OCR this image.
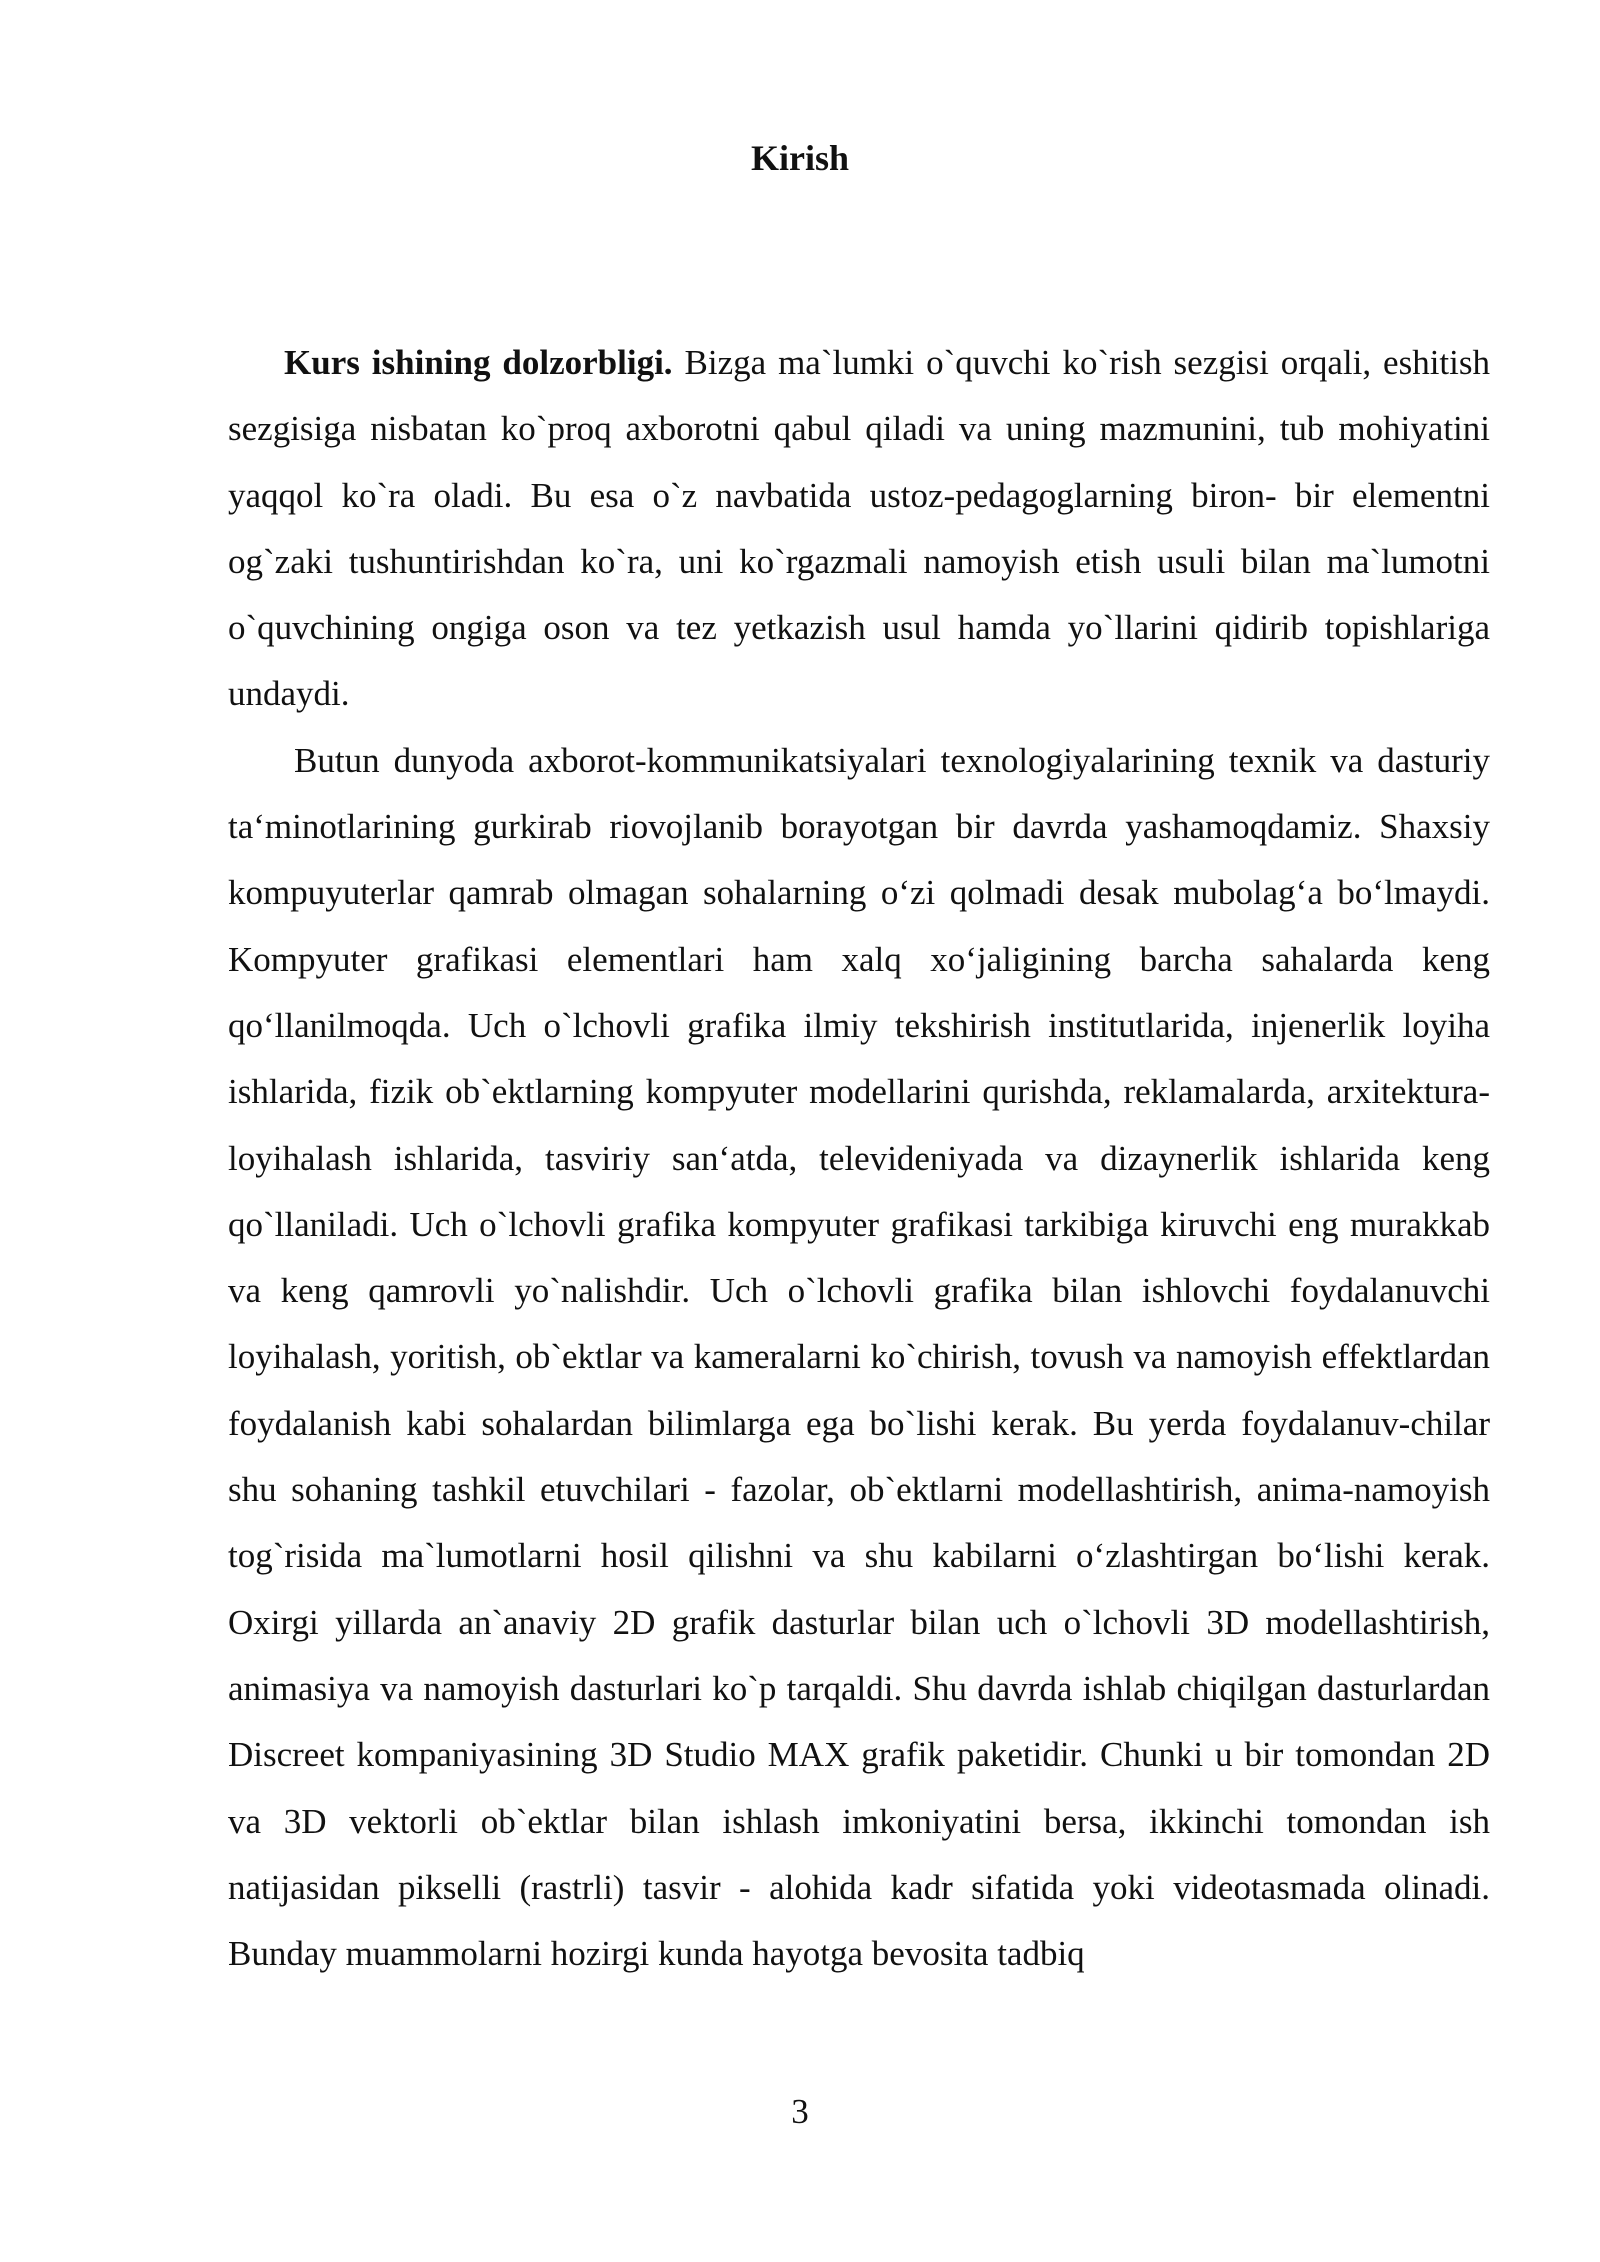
Kirish

Kurs ishining dolzorbligi. Bizga ma`lumki o`quvchi ko`rish sezgisi orqali, eshitish sezgisiga nisbatan ko`proq axborotni qabul qiladi va uning mazmunini, tub mohiyatini yaqqol ko`ra oladi. Bu esa o`z navbatida ustoz-pedagoglarning biron- bir elementni og`zaki tushuntirishdan ko`ra, uni ko`rgazmali namoyish etish usuli bilan ma`lumotni o`quvchining ongiga oson va tez yetkazish usul hamda yo`llarini qidirib topishlariga undaydi.

Butun dunyoda axborot-kommunikatsiyalari texnologiyalarining texnik va dasturiy ta‘minotlarining gurkirab riovojlanib borayotgan bir davrda yashamoqdamiz. Shaxsiy kompuyuterlar qamrab olmagan sohalarning o‘zi qolmadi desak mubolag‘a bo‘lmaydi. Kompyuter grafikasi elementlari ham xalq xo‘jaligining barcha sahalarda keng qo‘llanilmoqda. Uch o`lchovli grafika ilmiy tekshirish institutlarida, injenerlik loyiha ishlarida, fizik ob`ektlarning kompyuter modellarini qurishda, reklamalarda, arxitektura-loyihalash ishlarida, tasviriy san‘atda, televideniyada va dizaynerlik ishlarida keng qo`llaniladi. Uch o`lchovli grafika kompyuter grafikasi tarkibiga kiruvchi eng murakkab va keng qamrovli yo`nalishdir. Uch o`lchovli grafika bilan ishlovchi foydalanuvchi loyihalash, yoritish, ob`ektlar va kameralarni ko`chirish, tovush va namoyish effektlardan foydalanish kabi sohalardan bilimlarga ega bo`lishi kerak. Bu yerda foydalanuv-chilar shu sohaning tashkil etuvchilari - fazolar, ob`ektlarni modellashtirish, anima-namoyish tog`risida ma`lumotlarni hosil qilishni va shu kabilarni o‘zlashtirgan bo‘lishi kerak. Oxirgi yillarda an`anaviy 2D grafik dasturlar bilan uch o`lchovli 3D modellashtirish, animasiya va namoyish dasturlari ko`p tarqaldi. Shu davrda ishlab chiqilgan dasturlardan Discreet kompaniyasining 3D Studio MAX grafik paketidir. Chunki u bir tomondan 2D va 3D vektorli ob`ektlar bilan ishlash imkoniyatini bersa, ikkinchi tomondan ish natijasidan pikselli (rastrli) tasvir - alohida kadr sifatida yoki videotasmada olinadi. Bunday muammolarni hozirgi kunda hayotga bevosita tadbiq

3
